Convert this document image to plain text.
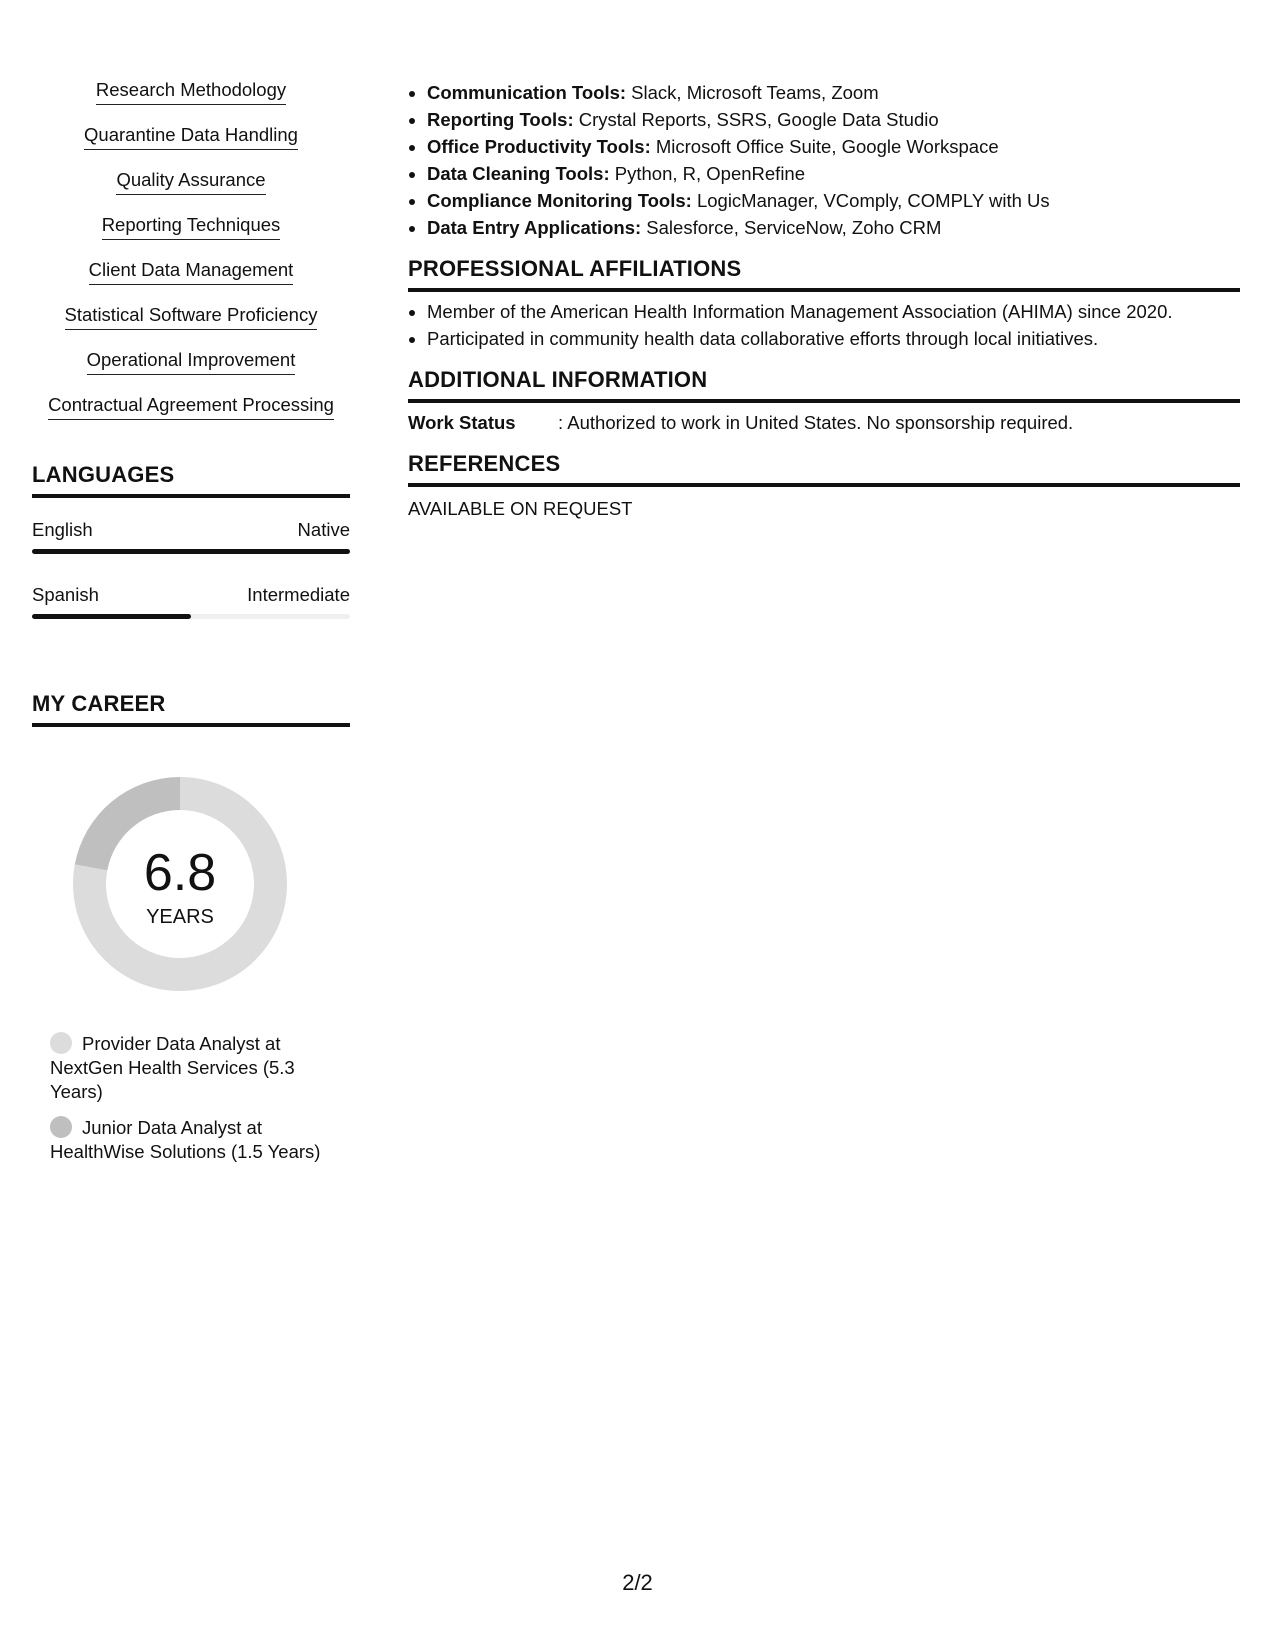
Research Methodology
Quarantine Data Handling
Quality Assurance
Reporting Techniques
Client Data Management
Statistical Software Proficiency
Operational Improvement
Contractual Agreement Processing
LANGUAGES
English	Native
Spanish	Intermediate
MY CAREER
6.8
YEARS
Provider Data Analyst at NextGen Health Services (5.3 Years)
Junior Data Analyst at HealthWise Solutions (1.5 Years)
• Communication Tools: Slack, Microsoft Teams, Zoom
• Reporting Tools: Crystal Reports, SSRS, Google Data Studio
• Office Productivity Tools: Microsoft Office Suite, Google Workspace
• Data Cleaning Tools: Python, R, OpenRefine
• Compliance Monitoring Tools: LogicManager, VComply, COMPLY with Us
• Data Entry Applications: Salesforce, ServiceNow, Zoho CRM
PROFESSIONAL AFFILIATIONS
• Member of the American Health Information Management Association (AHIMA) since 2020.
• Participated in community health data collaborative efforts through local initiatives.
ADDITIONAL INFORMATION
Work Status	: Authorized to work in United States. No sponsorship required.
REFERENCES
AVAILABLE ON REQUEST
2/2
